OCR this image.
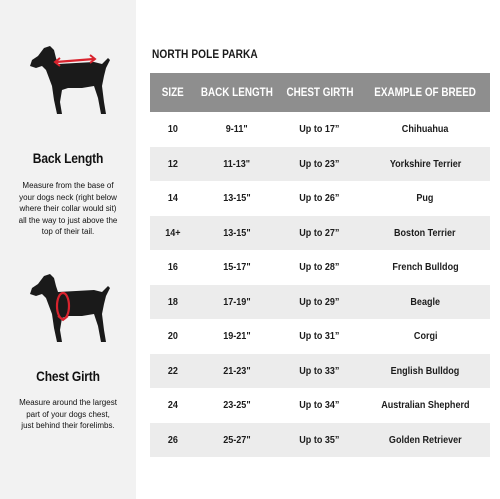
Back Length
Measure from the base of
your dogs neck (right below
where their collar would sit)
all the way to just above the
top of their tail.
Chest Girth
Measure around the largest
part of your dogs chest,
just behind their forelimbs.
NORTH POLE PARKA
SIZE	BACK LENGTH	CHEST GIRTH	EXAMPLE OF BREED
10	9-11"	Up to 17”	Chihuahua
12	11-13"	Up to 23”	Yorkshire Terrier
14	13-15"	Up to 26”	Pug
14+	13-15"	Up to 27”	Boston Terrier
16	15-17"	Up to 28”	French Bulldog
18	17-19"	Up to 29”	Beagle
20	19-21"	Up to 31”	Corgi
22	21-23"	Up to 33”	English Bulldog
24	23-25"	Up to 34”	Australian Shepherd
26	25-27"	Up to 35”	Golden Retriever
